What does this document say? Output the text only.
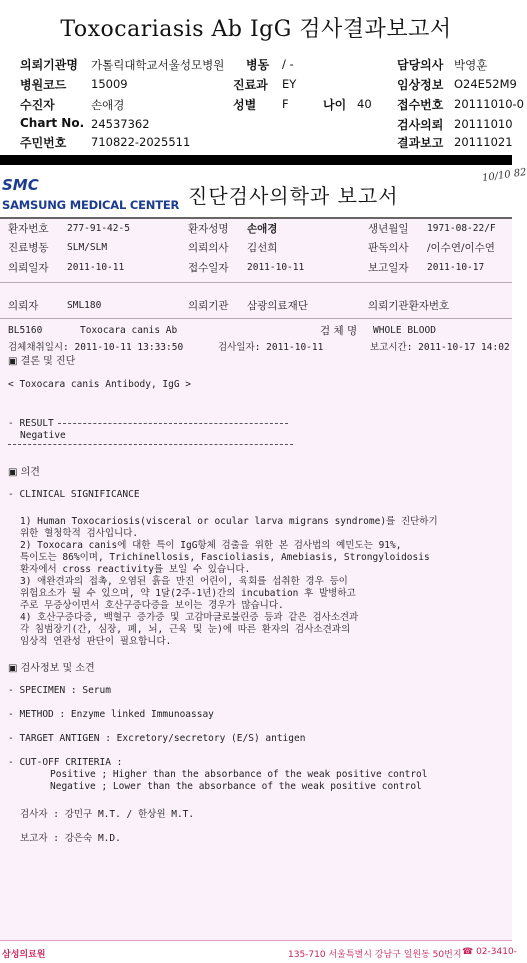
Toxocariasis Ab IgG 검사결과보고서
의뢰기관명 가톨릭대학교서울성모병원 병동 / -	담당의사 박영훈
병원코드 15009	진료과 EY	임상정보 O24E52M9
수진자	손애경	성별 F	나이 40 접수번호 20111010-0
Chart No. 24537362	검사의뢰 20111010
주민번호 710822-2025511	결과보고 20111021
SMC
SAMSUNG MEDICAL CENTER 진단검사의학과 보고서
10/10 82
환자번호 277-91-42-5	환자성명 손애경	생년월일 1971-08-22/F
진료병동 SLM/SLM	의뢰의사 김선희	판독의사 /이수연/이수연
의뢰일자 2011-10-11	접수일자 2011-10-11	보고일자 2011-10-17
의뢰자	SML180	의뢰기관 삼광의료재단	의뢰기관환자번호
BL5160	Toxocara canis Ab	검 체 명 WHOLE BLOOD
검체채취일시: 2011-10-11 13:33:50	검사일자: 2011-10-11	보고시간: 2011-10-17 14:02
▣ 결론 및 진단
< Toxocara canis Antibody, IgG >
- RESULT
Negative
▣ 의견
- CLINICAL SIGNIFICANCE
1) Human Toxocariosis(visceral or ocular larva migrans syndrome)를 진단하기
위한 혈청학적 검사입니다.
2) Toxocara canis에 대한 특이 IgG항체 검출을 위한 본 검사법의 예민도는 91%,
특이도는 86%이며, Trichinellosis, Fascioliasis, Amebiasis, Strongyloidosis
환자에서 cross reactivity를 보일 수 있습니다.
3) 애완견과의 접촉, 오염된 흙을 만진 어린이, 육회를 섭취한 경우 등이
위험요소가 될 수 있으며, 약 1달(2주-1년)간의 incubation 후 발병하고
주로 무증상이면서 호산구증다증을 보이는 경우가 많습니다.
4) 호산구증다증, 백혈구 증가증 및 고감마글로불린증 등과 같은 검사소견과
각 침범장기(간, 심장, 폐, 뇌, 근육 및 눈)에 따른 환자의 검사소견과의
임상적 연관성 판단이 필요합니다.
▣ 검사정보 및 소견
- SPECIMEN : Serum
- METHOD : Enzyme linked Immunoassay
- TARGET ANTIGEN : Excretory/secretory (E/S) antigen
- CUT-OFF CRITERIA :
Positive ; Higher than the absorbance of the weak positive control
Negative ; Lower than the absorbance of the weak positive control
검사자 : 강민구 M.T. / 한상윈 M.T.
보고자 : 강은숙 M.D.
삼성의료원	135-710 서울특별시 강남구 일원동 50번지 ☎ 02-3410-
